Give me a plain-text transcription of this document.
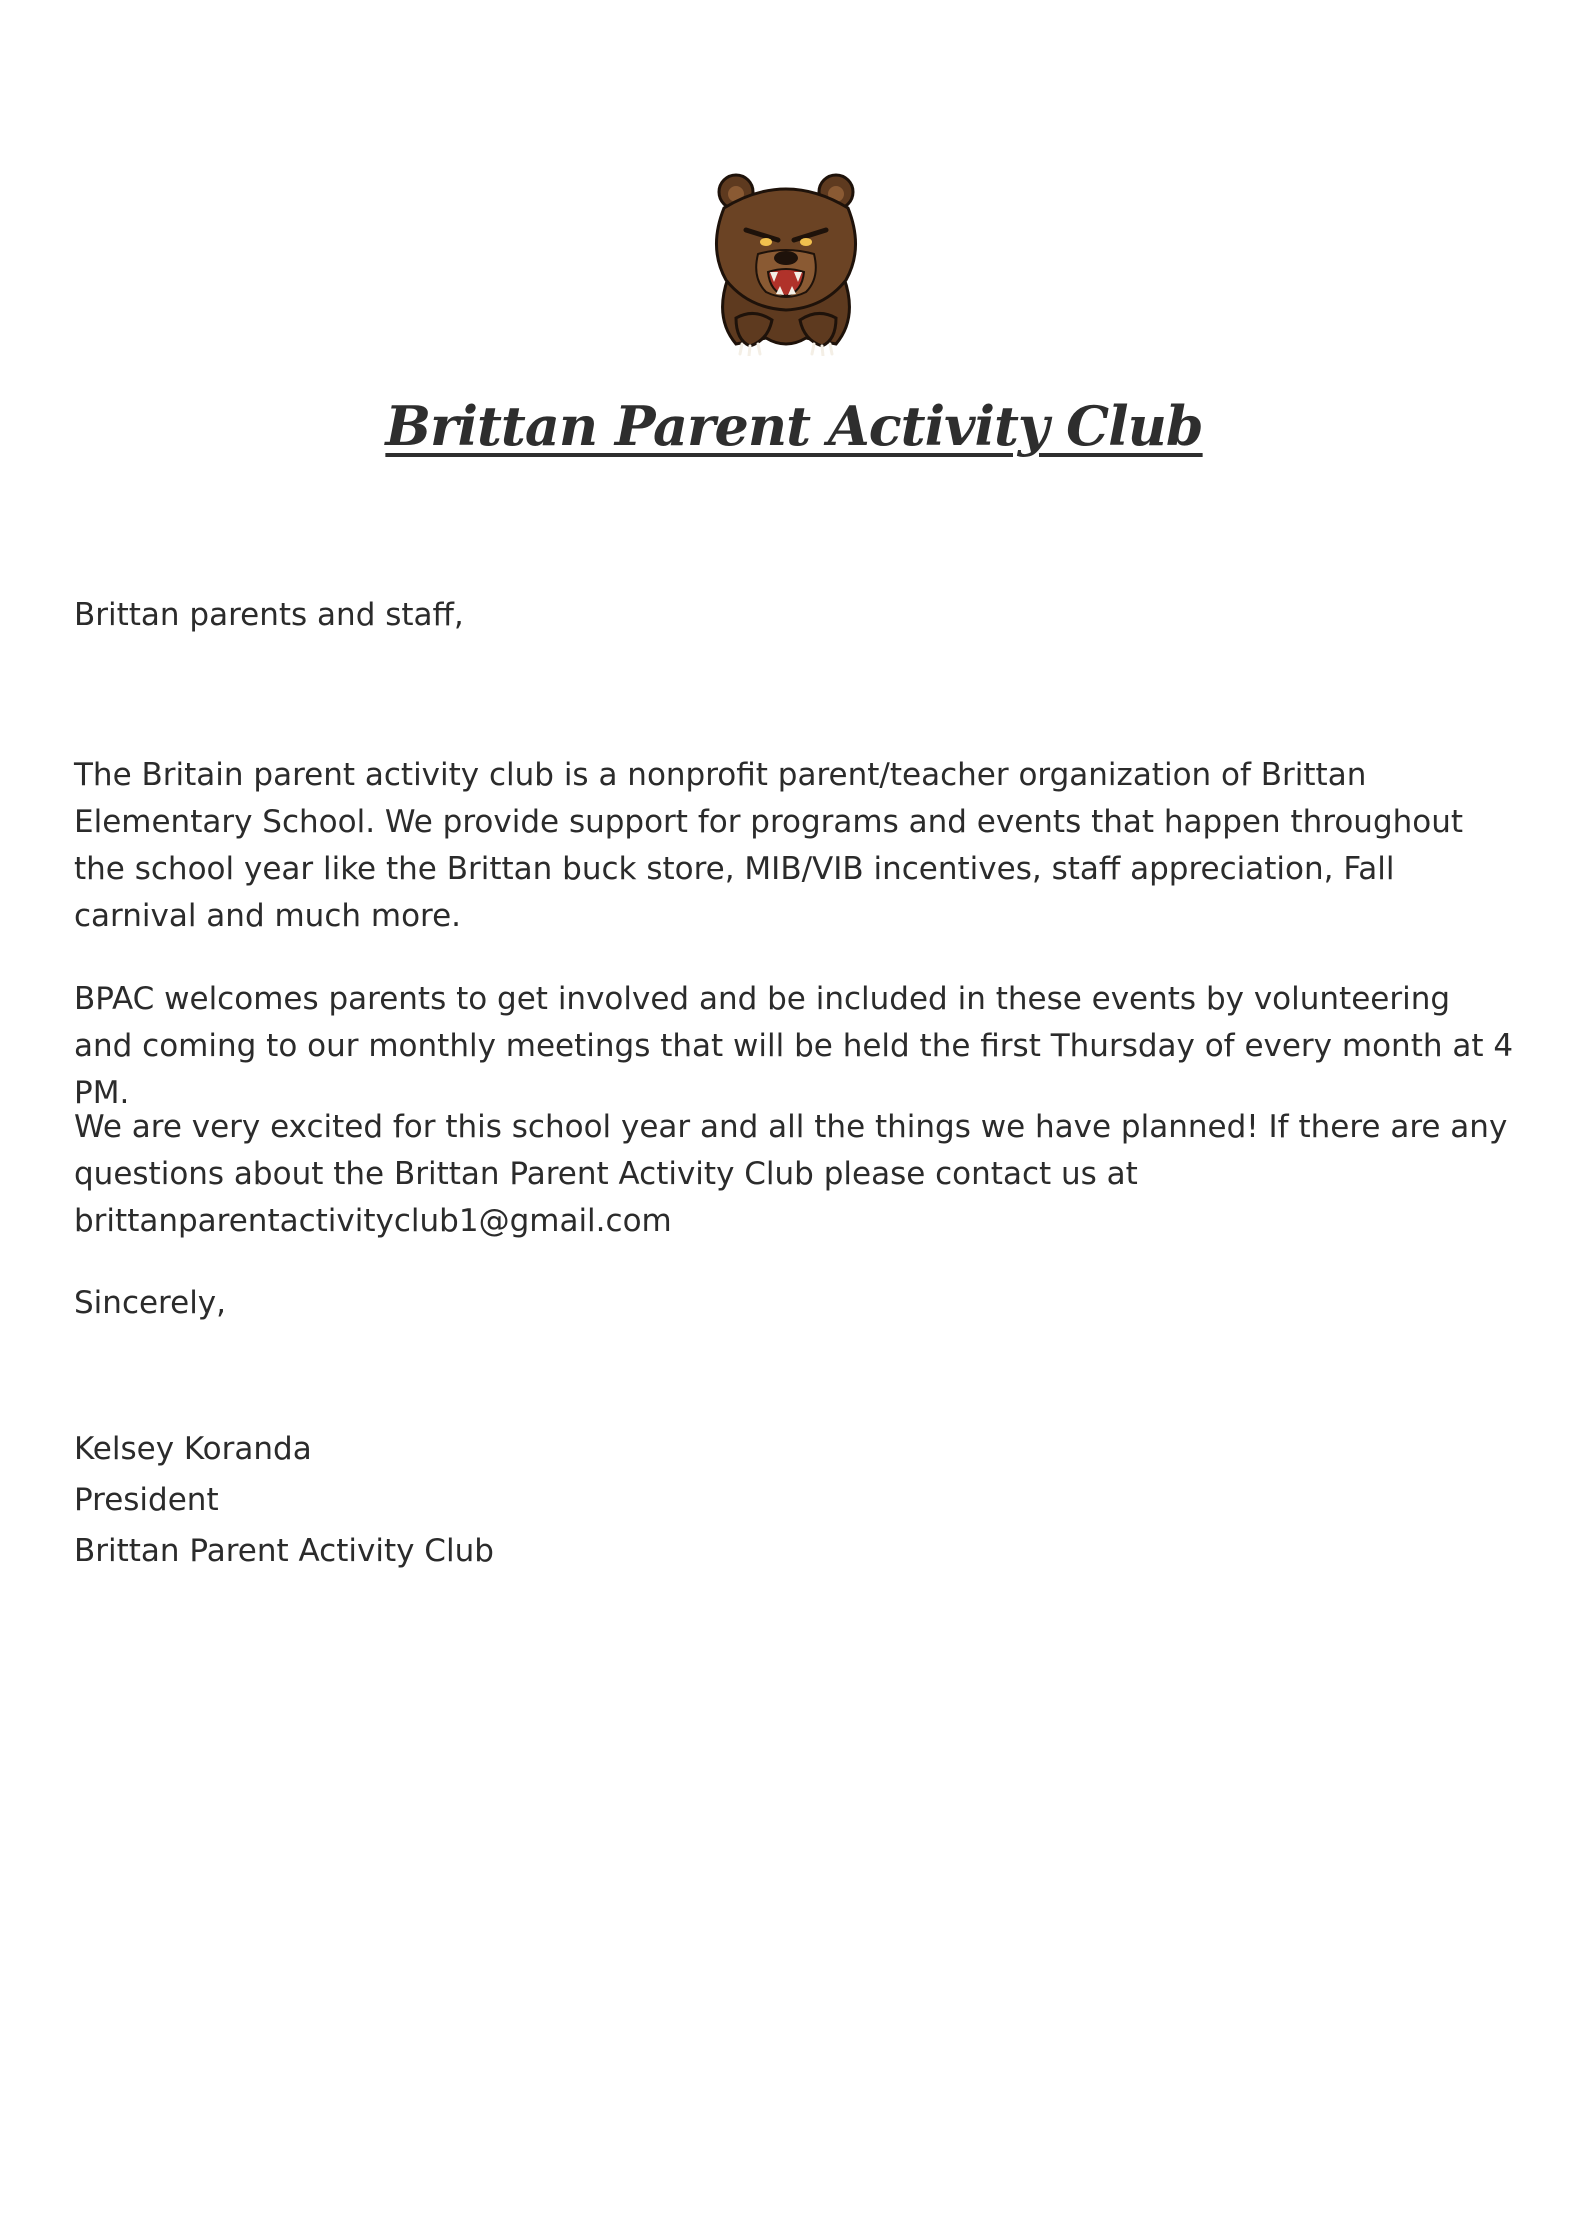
Brittan Parent Activity Club

Brittan parents and staff,

The Britain parent activity club is a nonprofit parent/teacher organization of Brittan Elementary School. We provide support for programs and events that happen throughout the school year like the Brittan buck store, MIB/VIB incentives, staff appreciation, Fall carnival and much more.

BPAC welcomes parents to get involved and be included in these events by volunteering and coming to our monthly meetings that will be held the first Thursday of every month at 4 PM.

We are very excited for this school year and all the things we have planned! If there are any questions about the Brittan Parent Activity Club please contact us at brittanparentactivityclub1@gmail.com

Sincerely,

Kelsey Koranda

President

Brittan Parent Activity Club
